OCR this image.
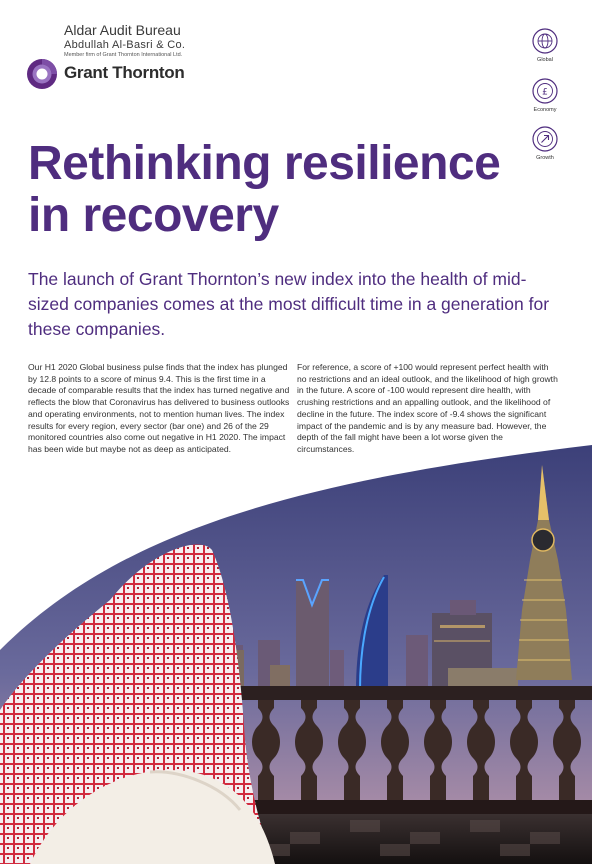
Aldar Audit Bureau
Abdullah Al-Basri & Co.
Member firm of Grant Thornton International Ltd.
Grant Thornton
Global
£
Economy
Growth
Rethinking resilience in recovery

The launch of Grant Thornton’s new index into the health of mid-sized companies comes at the most difficult time in a generation for these companies.

Our H1 2020 Global business pulse finds that the index has plunged by 12.8 points to a score of minus 9.4. This is the first time in a decade of comparable results that the index has turned negative and reflects the blow that Coronavirus has delivered to business outlooks and operating environments, not to mention human lives. The index results for every region, every sector (bar one) and 26 of the 29 monitored countries also come out negative in H1 2020. The impact has been wide but maybe not as deep as anticipated.

For reference, a score of +100 would represent perfect health with no restrictions and an ideal outlook, and the likelihood of high growth in the future. A score of -100 would represent dire health, with crushing restrictions and an appalling outlook, and the likelihood of decline in the future. The index score of -9.4 shows the significant impact of the pandemic and is by any measure bad. However, the depth of the fall might have been a lot worse given the circumstances.
